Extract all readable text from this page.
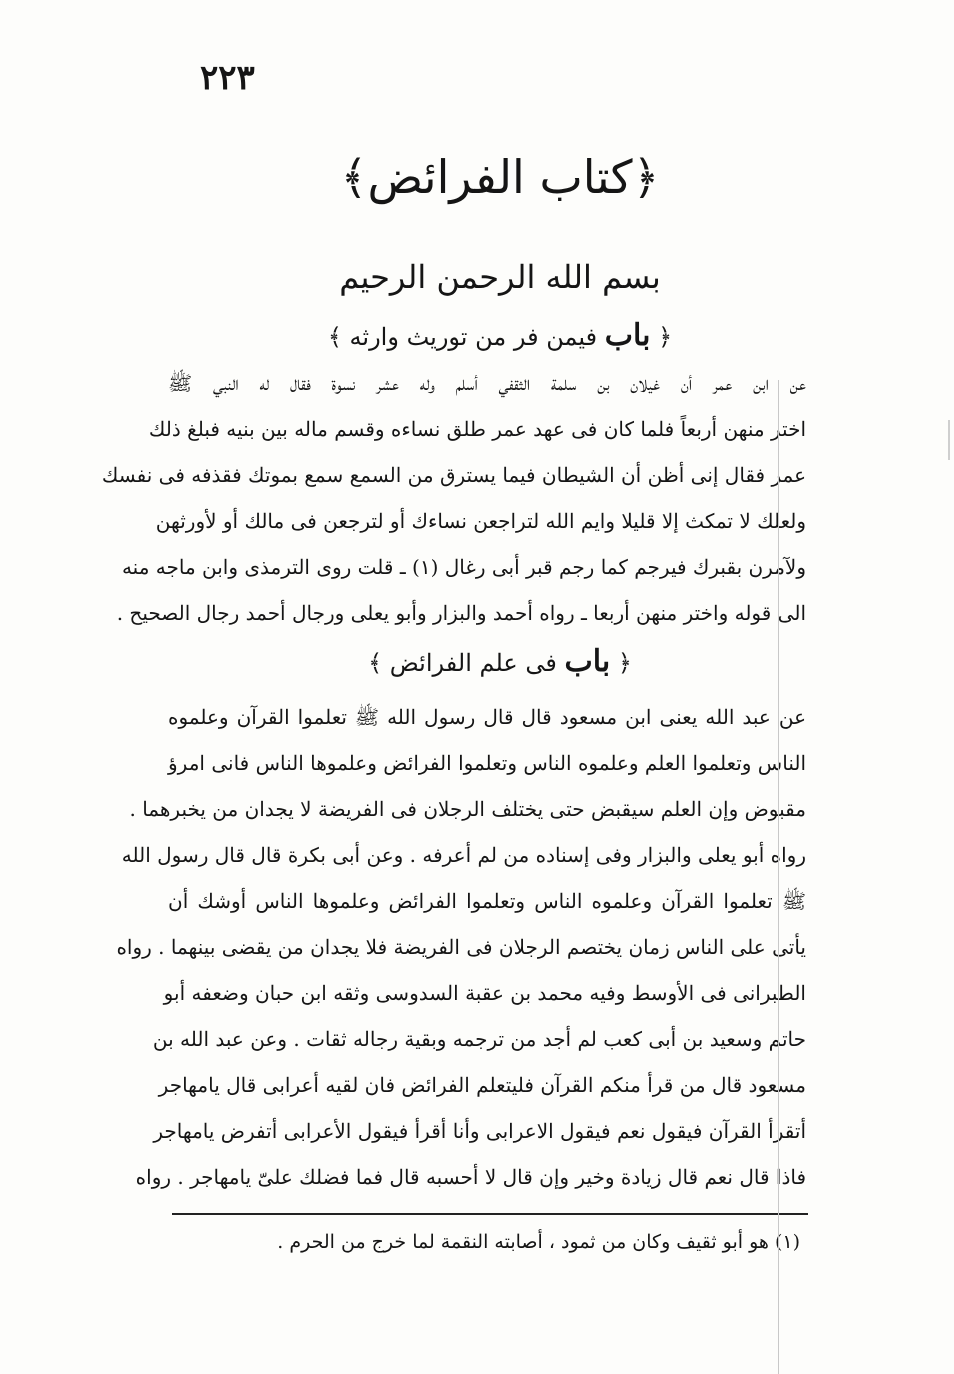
٢٢٣
﴿كتاب الفرائض﴾
بسم الله الرحمن الرحيم
﴿ باب فيمن فر من توريث وارثه ﴾
عن ابن عمر أن غيلان بن سلمة الثقفي أسلم وله عشر نسوة فقال له النبي ﷺ
اختر منهن أربعاً فلما كان فى عهد عمر طلق نساءه وقسم ماله بين بنيه فبلغ ذلك
عمر فقال إنى أظن أن الشيطان فيما يسترق من السمع سمع بموتك فقذفه فى نفسك
ولعلك لا تمكث إلا قليلا وايم الله لتراجعن نساءك أو لترجعن فى مالك أو لأورثهن
ولآمرن بقبرك فيرجم كما رجم قبر أبى رغال (١) ـ قلت روى الترمذى وابن ماجه منه
الى قوله واختر منهن أربعا ـ رواه أحمد والبزار وأبو يعلى ورجال أحمد رجال الصحيح .
﴿ باب فى علم الفرائض ﴾
عن عبد الله يعنى ابن مسعود قال قال رسول الله ﷺ تعلموا القرآن وعلموه
الناس وتعلموا العلم وعلموه الناس وتعلموا الفرائض وعلموها الناس فانى امرؤ
مقبوض وإن العلم سيقبض حتى يختلف الرجلان فى الفريضة لا يجدان من يخبرهما .
رواه أبو يعلى والبزار وفى إسناده من لم أعرفه . وعن أبى بكرة قال قال رسول الله
ﷺ تعلموا القرآن وعلموه الناس وتعلموا الفرائض وعلموها الناس أوشك أن
يأتى على الناس زمان يختصم الرجلان فى الفريضة فلا يجدان من يقضى بينهما . رواه
الطبرانى فى الأوسط وفيه محمد بن عقبة السدوسى وثقه ابن حبان وضعفه أبو
حاتم وسعيد بن أبى كعب لم أجد من ترجمه وبقية رجاله ثقات . وعن عبد الله بن
مسعود قال من قرأ منكم القرآن فليتعلم الفرائض فان لقيه أعرابى قال يامهاجر
أتقرأ القرآن فيقول نعم فيقول الاعرابى وأنا أقرأ فيقول الأعرابى أتفرض يامهاجر
فاذا قال نعم قال زيادة وخير وإن قال لا أحسبه قال فما فضلك علىّ يامهاجر . رواه
(١) هو أبو ثقيف وكان من ثمود ، أصابته النقمة لما خرج من الحرم .
